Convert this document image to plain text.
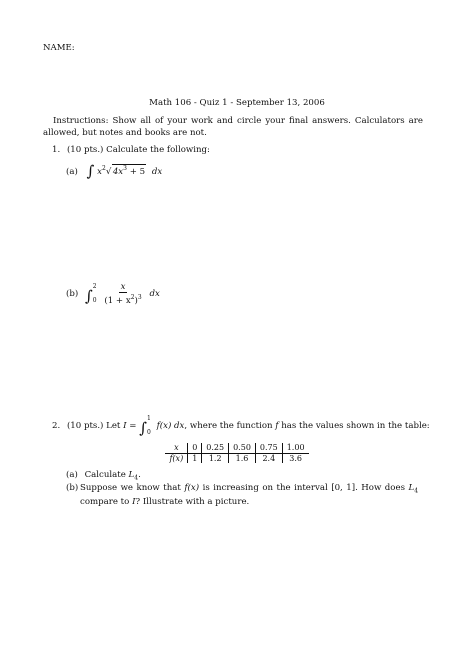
NAME:
Math 106 - Quiz 1 - September 13, 2006
Instructions: Show all of your work and circle your final answers. Calculators are allowed, but notes and books are not.
1. (10 pts.) Calculate the following:
(a) ∫ $x^2√$ $4x^3 + 5$ dx
(b) ∫
2
0
$\frac{x}{(1 + x^2)^3}$ dx
2. (10 pts.) Let I = ∫
1
0
f(x) dx, where the function f has the values shown in the table:
x	0	0.25	0.50	0.75	1.00
f(x)	1	1.2	1.6	2.4	3.6
(a) Calculate $L_4$.
(b) Suppose we know that f(x) is increasing on the interval [0, 1]. How does $L_4$ compare to I? Illustrate with a picture.
